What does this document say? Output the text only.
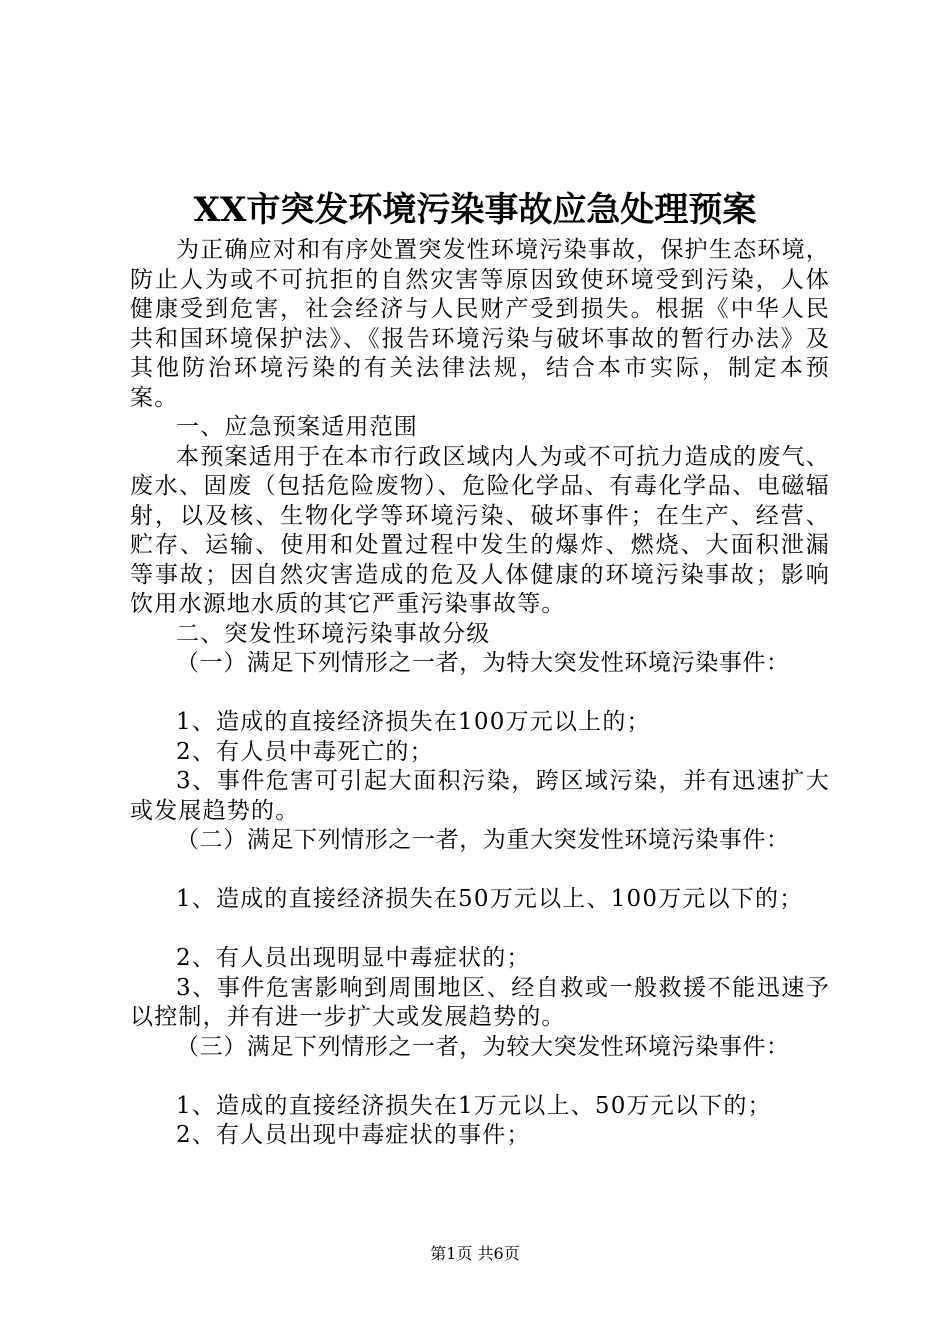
XX市突发环境污染事故应急处理预案

为正确应对和有序处置突发性环境污染事故，保护生态环境，防止人为或不可抗拒的自然灾害等原因致使环境受到污染，人体健康受到危害，社会经济与人民财产受到损失。根据《中华人民共和国环境保护法》、《报告环境污染与破坏事故的暂行办法》及其他防治环境污染的有关法律法规，结合本市实际，制定本预案。

一、应急预案适用范围

本预案适用于在本市行政区域内人为或不可抗力造成的废气、废水、固废（包括危险废物）、危险化学品、有毒化学品、电磁辐射，以及核、生物化学等环境污染、破坏事件；在生产、经营、贮存、运输、使用和处置过程中发生的爆炸、燃烧、大面积泄漏等事故；因自然灾害造成的危及人体健康的环境污染事故；影响饮用水源地水质的其它严重污染事故等。

二、突发性环境污染事故分级

（一）满足下列情形之一者，为特大突发性环境污染事件：

1、造成的直接经济损失在100万元以上的；

2、有人员中毒死亡的；

3、事件危害可引起大面积污染，跨区域污染，并有迅速扩大或发展趋势的。

（二）满足下列情形之一者，为重大突发性环境污染事件：

1、造成的直接经济损失在50万元以上、100万元以下的；

2、有人员出现明显中毒症状的；

3、事件危害影响到周围地区、经自救或一般救援不能迅速予以控制，并有进一步扩大或发展趋势的。

（三）满足下列情形之一者，为较大突发性环境污染事件：

1、造成的直接经济损失在1万元以上、50万元以下的；

2、有人员出现中毒症状的事件；

第1页 共6页
